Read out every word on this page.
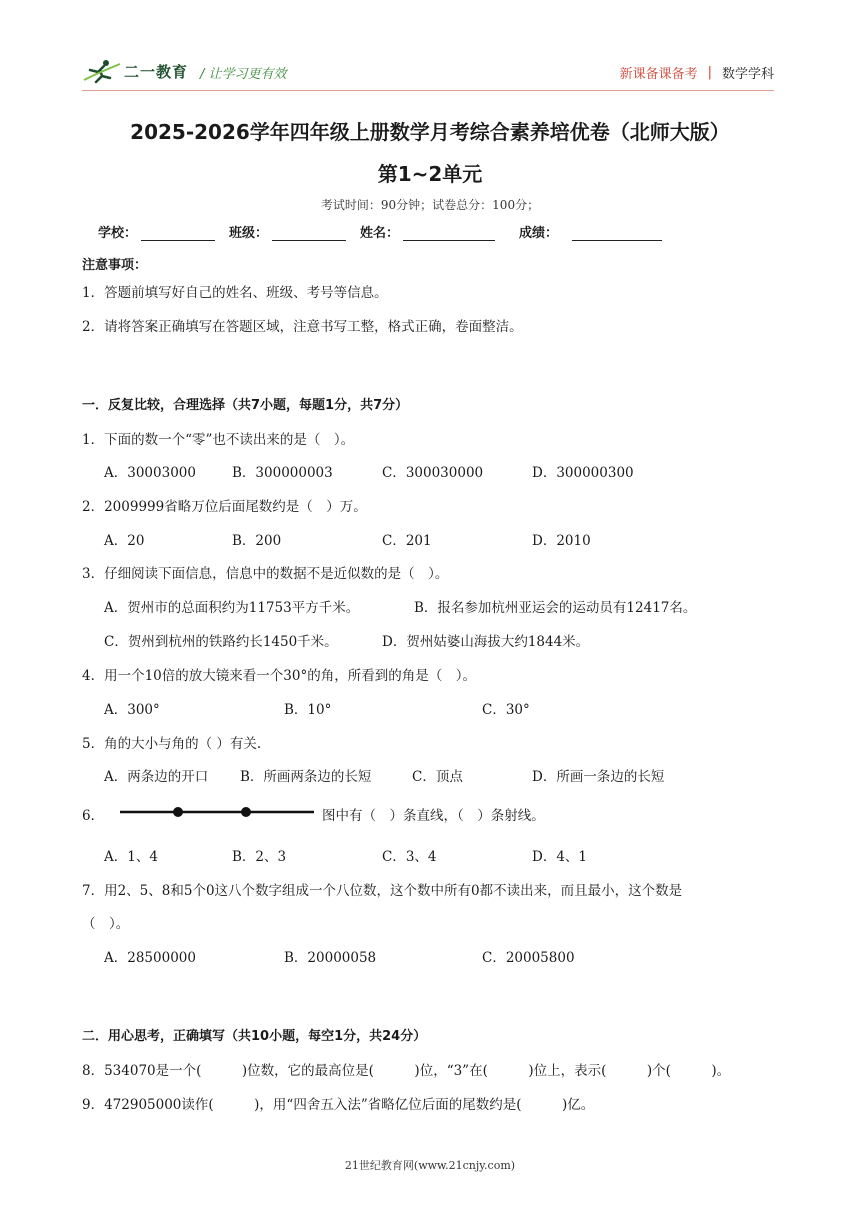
二一教育 / 让学习更有效	新课备课备考 | 数学学科
2025-2026学年四年级上册数学月考综合素养培优卷（北师大版）
第1~2单元
考试时间：90分钟；试卷总分：100分；
学校：	班级：	姓名：	成绩：
注意事项：
1．答题前填写好自己的姓名、班级、考号等信息。
2．请将答案正确填写在答题区域，注意书写工整，格式正确，卷面整洁。
一．反复比较，合理选择（共7小题，每题1分，共7分）
1．下面的数一个“零”也不读出来的是（　）。
A．30003000	B．300000003	C．300030000	D．300000300
2．2009999省略万位后面尾数约是（　）万。
A．20	B．200	C．201	D．2010
3．仔细阅读下面信息，信息中的数据不是近似数的是（　）。
A．贺州市的总面积约为11753平方千米。	B．报名参加杭州亚运会的运动员有12417名。
C．贺州到杭州的铁路约长1450千米。	D．贺州姑婆山海拔大约1844米。
4．用一个10倍的放大镜来看一个30°的角，所看到的角是（　）。
A．300°	B．10°	C．30°
5．角的大小与角的（ ）有关.
A．两条边的开口 B．所画两条边的长短	C．顶点	D．所画一条边的长短
6．	图中有（　）条直线，（　）条射线。
A．1、4	B．2、3	C．3、4	D．4、1
7．用2、5、8和5个0这八个数字组成一个八位数，这个数中所有0都不读出来，而且最小，这个数是
（　）。
A．28500000	B．20000058	C．20005800
二．用心思考，正确填写（共10小题，每空1分，共24分）
8．534070是一个(　　　)位数，它的最高位是(　　　)位，“3”在(　　　)位上，表示(　　　)个(　　　)。
9．472905000读作(　　　)，用“四舍五入法”省略亿位后面的尾数约是(　　　)亿。
21世纪教育网(www.21cnjy.com)
